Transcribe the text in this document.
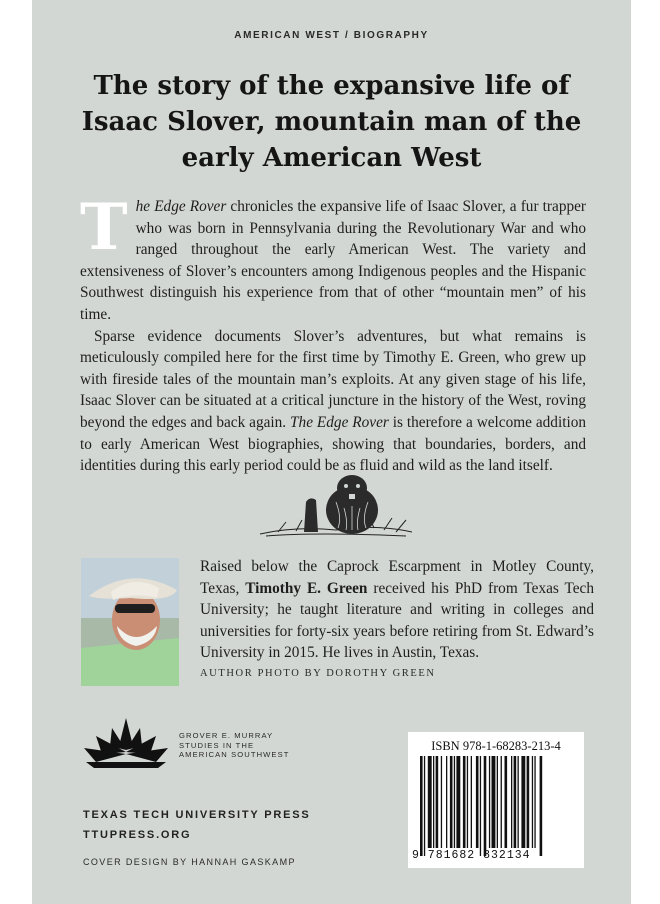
AMERICAN WEST / BIOGRAPHY
The story of the expansive life of
Isaac Slover, mountain man of the
early American West

The Edge Rover chronicles the expansive life of Isaac Slover, a fur trapper who was born in Pennsylvania during the Revolutionary War and who ranged throughout the early American West. The variety and extensiveness of Slover’s encounters among Indigenous peoples and the Hispanic Southwest distinguish his experience from that of other “mountain men” of his time.

Sparse evidence documents Slover’s adventures, but what remains is meticulously compiled here for the first time by Timothy E. Green, who grew up with fireside tales of the mountain man’s exploits. At any given stage of his life, Isaac Slover can be situated at a critical juncture in the history of the West, roving beyond the edges and back again. The Edge Rover is therefore a welcome addition to early American West biographies, showing that boundaries, borders, and identities during this early period could be as fluid and wild as the land itself.

Raised below the Caprock Escarpment in Motley County, Texas, Timothy E. Green received his PhD from Texas Tech University; he taught literature and writing in colleges and universities for forty-six years before retiring from St. Edward’s University in 2015. He lives in Austin, Texas.

AUTHOR PHOTO BY DOROTHY GREEN
GROVER E. MURRAY
STUDIES IN THE
AMERICAN SOUTHWEST
TEXAS TECH UNIVERSITY PRESS
TTUPRESS.ORG
COVER DESIGN BY HANNAH GASKAMP
ISBN 978-1-68283-213-4
9 781682 832134
